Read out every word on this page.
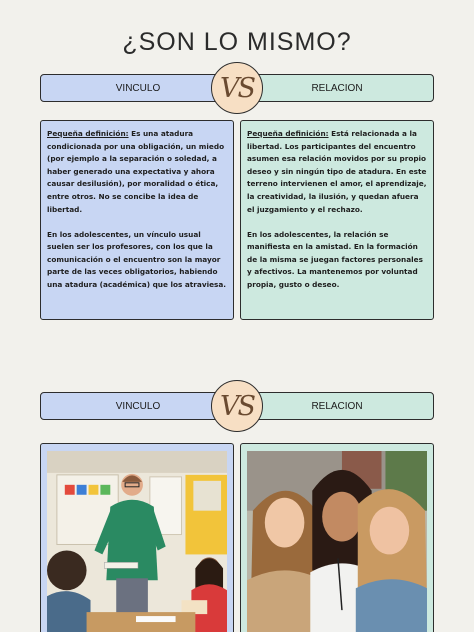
¿SON LO MISMO?
VINCULO	RELACION
VS

Pequeña definición: Es una atadura condicionada por una obligación, un miedo (por ejemplo a la separación o soledad, a haber generado una expectativa y ahora causar desilusión), por moralidad o ética, entre otros. No se concibe la idea de libertad.

En los adolescentes, un vínculo usual suelen ser los profesores, con los que la comunicación o el encuentro son la mayor parte de las veces obligatorios, habiendo una atadura (académica) que los atraviesa.

Pequeña definición: Está relacionada a la libertad. Los participantes del encuentro asumen esa relación movidos por su propio deseo y sin ningún tipo de atadura. En este terreno intervienen el amor, el aprendizaje, la creatividad, la ilusión, y quedan afuera el juzgamiento y el rechazo.

En los adolescentes, la relación se manifiesta en la amistad. En la formación de la misma se juegan factores personales y afectivos. La mantenemos por voluntad propia, gusto o deseo.

VINCULO	RELACION
VS
